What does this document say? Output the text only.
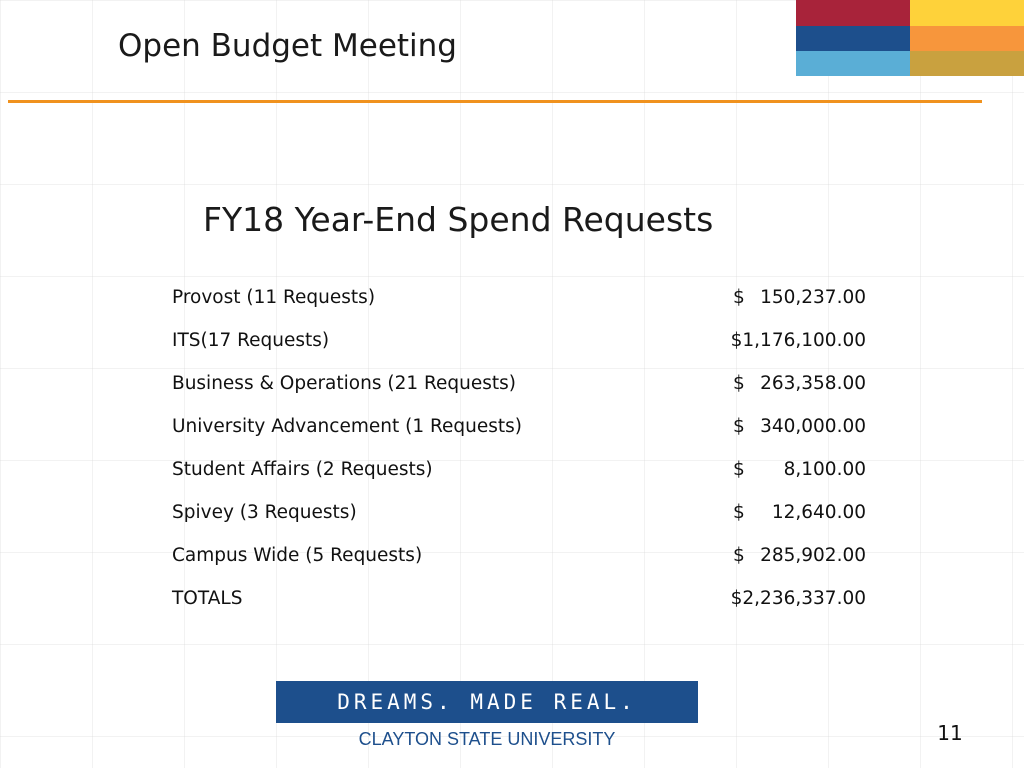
Open Budget Meeting
FY18 Year-End Spend Requests
Provost (11 Requests)	$ 150,237.00
ITS(17 Requests)	$1,176,100.00
Business & Operations (21 Requests)	$ 263,358.00
University Advancement (1 Requests)	$ 340,000.00
Student Affairs (2 Requests)	$ 8,100.00
Spivey (3 Requests)	$ 12,640.00
Campus Wide (5 Requests)	$ 285,902.00
TOTALS	$2,236,337.00
DREAMS. MADE REAL.
CLAYTON STATE UNIVERSITY	11
